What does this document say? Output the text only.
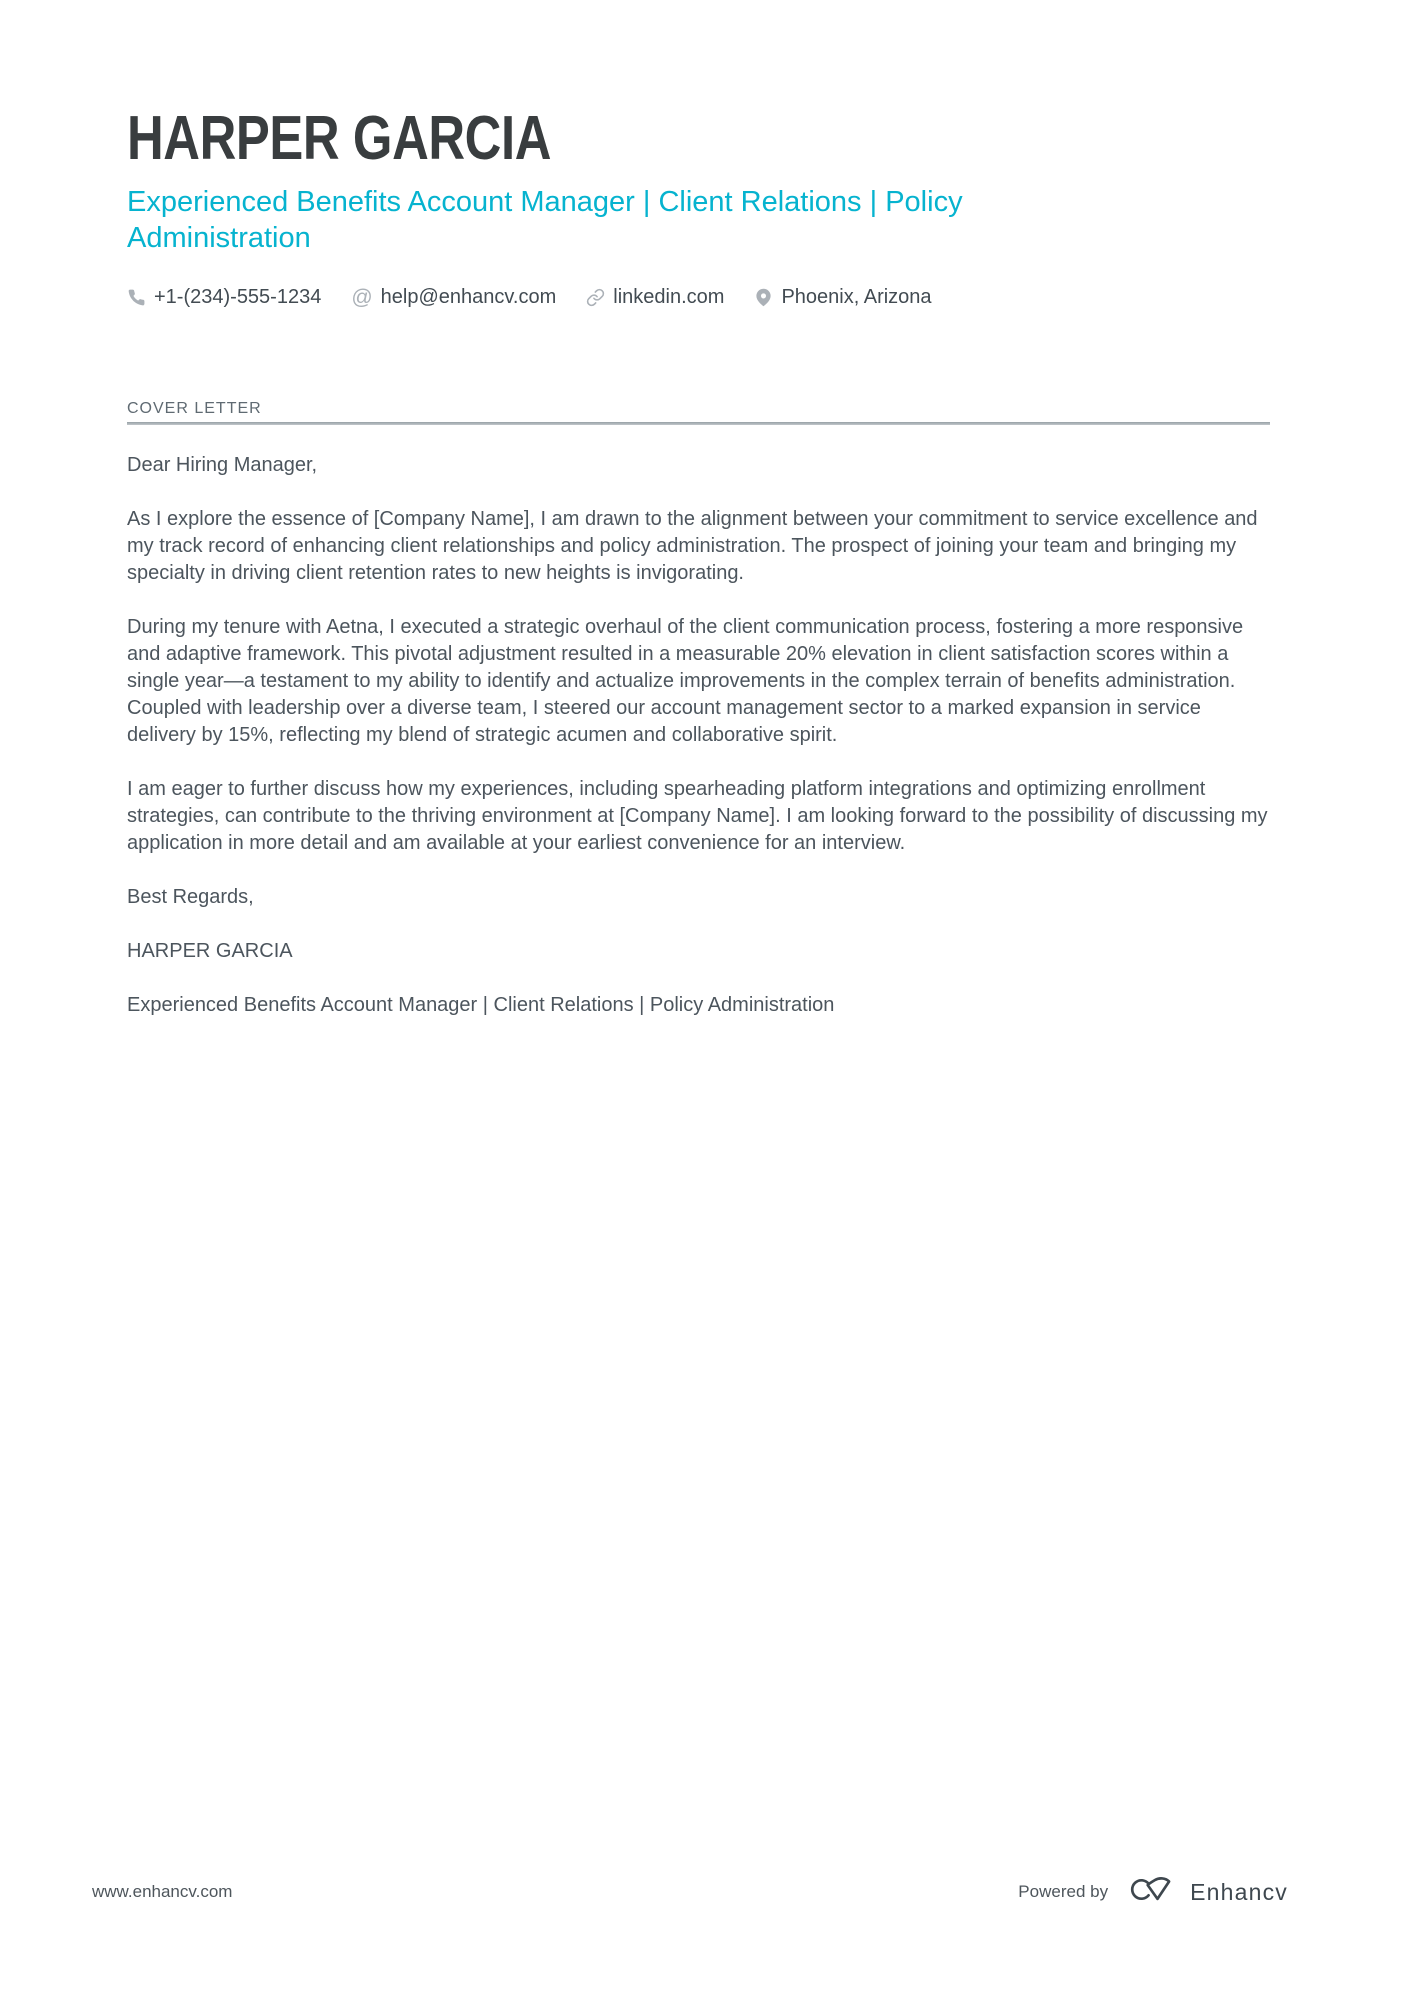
HARPER GARCIA
Experienced Benefits Account Manager | Client Relations | Policy Administration
+1-(234)-555-1234 @ help@enhancv.com	linkedin.com	Phoenix, Arizona
COVER LETTER

Dear Hiring Manager,

As I explore the essence of [Company Name], I am drawn to the alignment between your commitment to service excellence and my track record of enhancing client relationships and policy administration. The prospect of joining your team and bringing my specialty in driving client retention rates to new heights is invigorating.

During my tenure with Aetna, I executed a strategic overhaul of the client communication process, fostering a more responsive and adaptive framework. This pivotal adjustment resulted in a measurable 20% elevation in client satisfaction scores within a single year—a testament to my ability to identify and actualize improvements in the complex terrain of benefits administration. Coupled with leadership over a diverse team, I steered our account management sector to a marked expansion in service delivery by 15%, reflecting my blend of strategic acumen and collaborative spirit.

I am eager to further discuss how my experiences, including spearheading platform integrations and optimizing enrollment strategies, can contribute to the thriving environment at [Company Name]. I am looking forward to the possibility of discussing my application in more detail and am available at your earliest convenience for an interview.

Best Regards,

HARPER GARCIA

Experienced Benefits Account Manager | Client Relations | Policy Administration

www.enhancv.com	Powered by	Enhancv
